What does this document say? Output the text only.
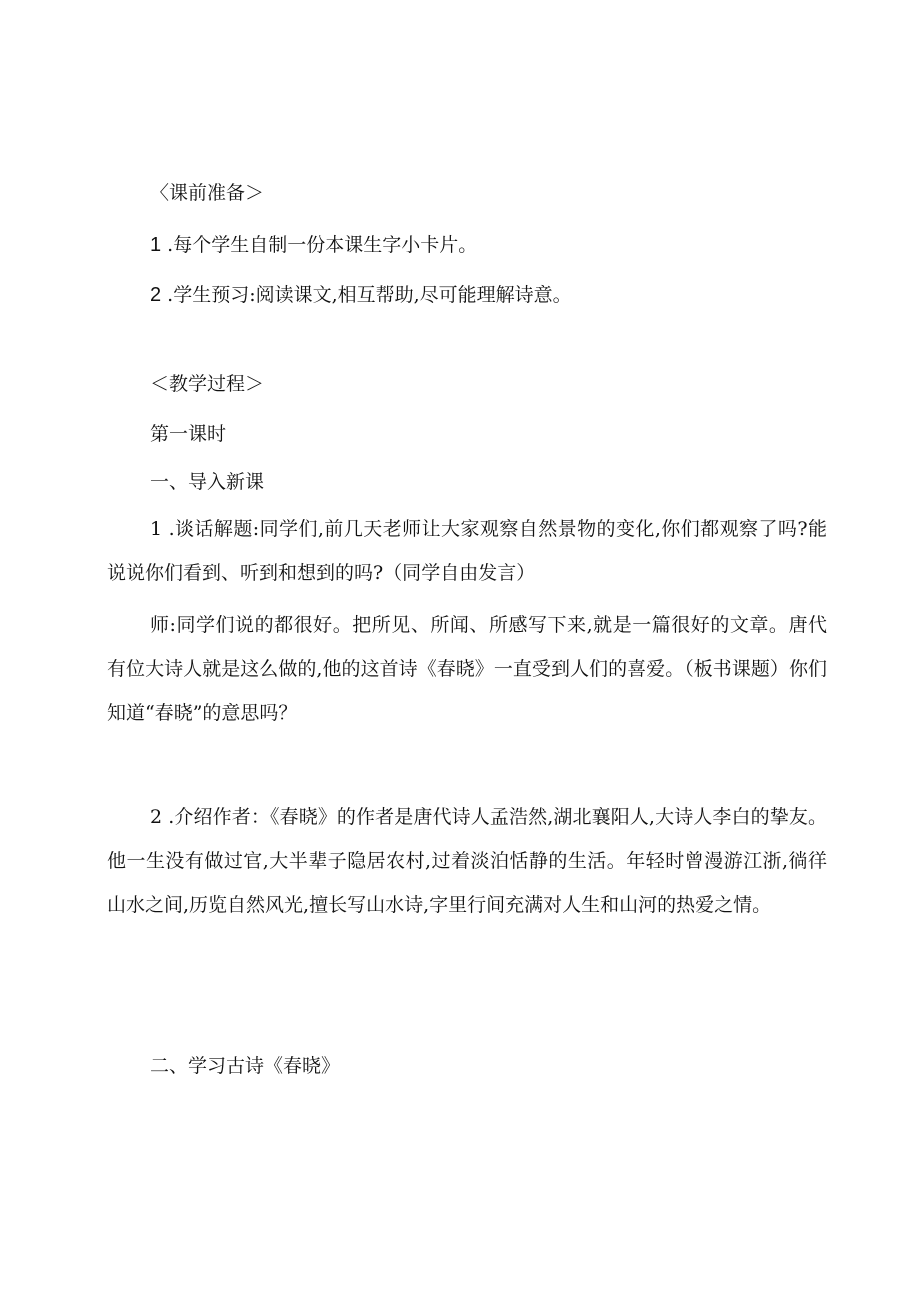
〈课前准备＞
1 .每个学生自制一份本课生字小卡片。
2 .学生预习:阅读课文,相互帮助,尽可能理解诗意。
＜教学过程＞
第一课时
一、导入新课
1 .谈话解题:同学们,前几天老师让大家观察自然景物的变化,你们都观察了吗?能说说你们看到、听到和想到的吗?（同学自由发言）
师:同学们说的都很好。把所见、所闻、所感写下来,就是一篇很好的文章。唐代有位大诗人就是这么做的,他的这首诗《春晓》一直受到人们的喜爱。（板书课题）你们知道“春晓”的意思吗？
2 .介绍作者：《春晓》的作者是唐代诗人孟浩然,湖北襄阳人,大诗人李白的挚友。他一生没有做过官,大半辈子隐居农村,过着淡泊恬静的生活。年轻时曾漫游江浙,徜徉山水之间,历览自然风光,擅长写山水诗,字里行间充满对人生和山河的热爱之情。
二、学习古诗《春晓》
